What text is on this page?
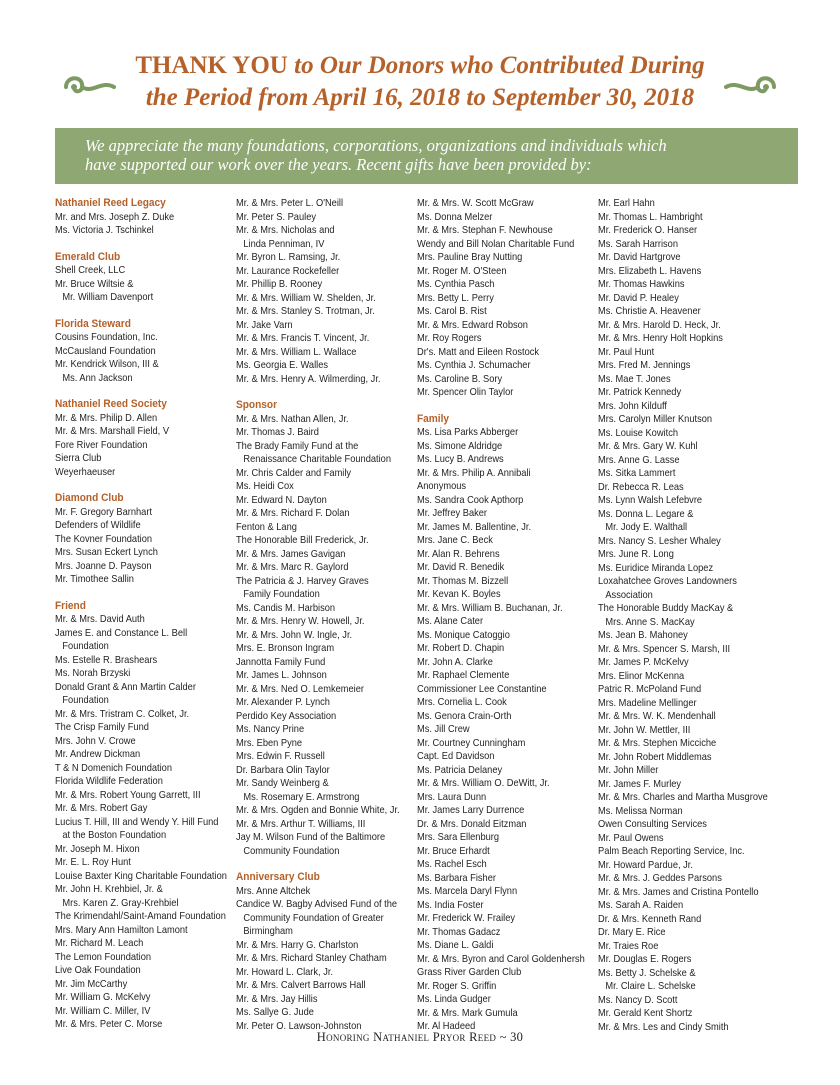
THANK YOU to Our Donors who Contributed During
the Period from April 16, 2018 to September 30, 2018
We appreciate the many foundations, corporations, organizations and individuals which
have supported our work over the years. Recent gifts have been provided by:
Nathaniel Reed Legacy
Mr. and Mrs. Joseph Z. Duke
Ms. Victoria J. Tschinkel
Emerald Club
Shell Creek, LLC
Mr. Bruce Wiltsie &
Mr. William Davenport
Florida Steward
Cousins Foundation, Inc.
McCausland Foundation
Mr. Kendrick Wilson, III &
Ms. Ann Jackson
Nathaniel Reed Society
Mr. & Mrs. Philip D. Allen
Mr. & Mrs. Marshall Field, V
Fore River Foundation
Sierra Club
Weyerhaeuser
Diamond Club
Mr. F. Gregory Barnhart
Defenders of Wildlife
The Kovner Foundation
Mrs. Susan Eckert Lynch
Mrs. Joanne D. Payson
Mr. Timothee Sallin
Friend
Mr. & Mrs. David Auth
James E. and Constance L. Bell
Foundation
Ms. Estelle R. Brashears
Ms. Norah Brzyski
Donald Grant & Ann Martin Calder
Foundation
Mr. & Mrs. Tristram C. Colket, Jr.
The Crisp Family Fund
Mrs. John V. Crowe
Mr. Andrew Dickman
T & N Domenich Foundation
Florida Wildlife Federation
Mr. & Mrs. Robert Young Garrett, III
Mr. & Mrs. Robert Gay
Lucius T. Hill, III and Wendy Y. Hill Fund
at the Boston Foundation
Mr. Joseph M. Hixon
Mr. E. L. Roy Hunt
Louise Baxter King Charitable Foundation
Mr. John H. Krehbiel, Jr. &
Mrs. Karen Z. Gray-Krehbiel
The Krimendahl/Saint-Amand Foundation
Mrs. Mary Ann Hamilton Lamont
Mr. Richard M. Leach
The Lemon Foundation
Live Oak Foundation
Mr. Jim McCarthy
Mr. William G. McKelvy
Mr. William C. Miller, IV
Mr. & Mrs. Peter C. Morse
Mr. & Mrs. Peter L. O'Neill
Mr. Peter S. Pauley
Mr. & Mrs. Nicholas and
Linda Penniman, IV
Mr. Byron L. Ramsing, Jr.
Mr. Laurance Rockefeller
Mr. Phillip B. Rooney
Mr. & Mrs. William W. Shelden, Jr.
Mr. & Mrs. Stanley S. Trotman, Jr.
Mr. Jake Varn
Mr. & Mrs. Francis T. Vincent, Jr.
Mr. & Mrs. William L. Wallace
Ms. Georgia E. Walles
Mr. & Mrs. Henry A. Wilmerding, Jr.
Sponsor
Mr. & Mrs. Nathan Allen, Jr.
Mr. Thomas J. Baird
The Brady Family Fund at the
Renaissance Charitable Foundation
Mr. Chris Calder and Family
Ms. Heidi Cox
Mr. Edward N. Dayton
Mr. & Mrs. Richard F. Dolan
Fenton & Lang
The Honorable Bill Frederick, Jr.
Mr. & Mrs. James Gavigan
Mr. & Mrs. Marc R. Gaylord
The Patricia & J. Harvey Graves
Family Foundation
Ms. Candis M. Harbison
Mr. & Mrs. Henry W. Howell, Jr.
Mr. & Mrs. John W. Ingle, Jr.
Mrs. E. Bronson Ingram
Jannotta Family Fund
Mr. James L. Johnson
Mr. & Mrs. Ned O. Lemkemeier
Mr. Alexander P. Lynch
Perdido Key Association
Ms. Nancy Prine
Mrs. Eben Pyne
Mrs. Edwin F. Russell
Dr. Barbara Olin Taylor
Mr. Sandy Weinberg &
Ms. Rosemary E. Armstrong
Mr. & Mrs. Ogden and Bonnie White, Jr.
Mr. & Mrs. Arthur T. Williams, III
Jay M. Wilson Fund of the Baltimore
Community Foundation
Anniversary Club
Mrs. Anne Altchek
Candice W. Bagby Advised Fund of the
Community Foundation of Greater
Birmingham
Mr. & Mrs. Harry G. Charlston
Mr. & Mrs. Richard Stanley Chatham
Mr. Howard L. Clark, Jr.
Mr. & Mrs. Calvert Barrows Hall
Mr. & Mrs. Jay Hillis
Ms. Sallye G. Jude
Mr. Peter O. Lawson-Johnston
Mr. & Mrs. W. Scott McGraw
Ms. Donna Melzer
Mr. & Mrs. Stephan F. Newhouse
Wendy and Bill Nolan Charitable Fund
Mrs. Pauline Bray Nutting
Mr. Roger M. O'Steen
Ms. Cynthia Pasch
Mrs. Betty L. Perry
Ms. Carol B. Rist
Mr. & Mrs. Edward Robson
Mr. Roy Rogers
Dr's. Matt and Eileen Rostock
Ms. Cynthia J. Schumacher
Ms. Caroline B. Sory
Mr. Spencer Olin Taylor
Family
Ms. Lisa Parks Abberger
Ms. Simone Aldridge
Ms. Lucy B. Andrews
Mr. & Mrs. Philip A. Annibali
Anonymous
Ms. Sandra Cook Apthorp
Mr. Jeffrey Baker
Mr. James M. Ballentine, Jr.
Mrs. Jane C. Beck
Mr. Alan R. Behrens
Mr. David R. Benedik
Mr. Thomas M. Bizzell
Mr. Kevan K. Boyles
Mr. & Mrs. William B. Buchanan, Jr.
Ms. Alane Cater
Ms. Monique Catoggio
Mr. Robert D. Chapin
Mr. John A. Clarke
Mr. Raphael Clemente
Commissioner Lee Constantine
Mrs. Cornelia L. Cook
Ms. Genora Crain-Orth
Ms. Jill Crew
Mr. Courtney Cunningham
Capt. Ed Davidson
Ms. Patricia Delaney
Mr. & Mrs. William O. DeWitt, Jr.
Mrs. Laura Dunn
Mr. James Larry Durrence
Dr. & Mrs. Donald Eitzman
Mrs. Sara Ellenburg
Mr. Bruce Erhardt
Ms. Rachel Esch
Ms. Barbara Fisher
Ms. Marcela Daryl Flynn
Ms. India Foster
Mr. Frederick W. Frailey
Mr. Thomas Gadacz
Ms. Diane L. Galdi
Mr. & Mrs. Byron and Carol Goldenhersh
Grass River Garden Club
Mr. Roger S. Griffin
Ms. Linda Gudger
Mr. & Mrs. Mark Gumula
Mr. Al Hadeed
Mr. Earl Hahn
Mr. Thomas L. Hambright
Mr. Frederick O. Hanser
Ms. Sarah Harrison
Mr. David Hartgrove
Mrs. Elizabeth L. Havens
Mr. Thomas Hawkins
Mr. David P. Healey
Ms. Christie A. Heavener
Mr. & Mrs. Harold D. Heck, Jr.
Mr. & Mrs. Henry Holt Hopkins
Mr. Paul Hunt
Mrs. Fred M. Jennings
Ms. Mae T. Jones
Mr. Patrick Kennedy
Mrs. John Kilduff
Mrs. Carolyn Miller Knutson
Ms. Louise Kowitch
Mr. & Mrs. Gary W. Kuhl
Mrs. Anne G. Lasse
Ms. Sitka Lammert
Dr. Rebecca R. Leas
Ms. Lynn Walsh Lefebvre
Ms. Donna L. Legare &
Mr. Jody E. Walthall
Mrs. Nancy S. Lesher Whaley
Mrs. June R. Long
Ms. Euridice Miranda Lopez
Loxahatchee Groves Landowners
Association
The Honorable Buddy MacKay &
Mrs. Anne S. MacKay
Ms. Jean B. Mahoney
Mr. & Mrs. Spencer S. Marsh, III
Mr. James P. McKelvy
Mrs. Elinor McKenna
Patric R. McPoland Fund
Mrs. Madeline Mellinger
Mr. & Mrs. W. K. Mendenhall
Mr. John W. Mettler, III
Mr. & Mrs. Stephen Micciche
Mr. John Robert Middlemas
Mr. John Miller
Mr. James F. Murley
Mr. & Mrs. Charles and Martha Musgrove
Ms. Melissa Norman
Owen Consulting Services
Mr. Paul Owens
Palm Beach Reporting Service, Inc.
Mr. Howard Pardue, Jr.
Mr. & Mrs. J. Geddes Parsons
Mr. & Mrs. James and Cristina Pontello
Ms. Sarah A. Raiden
Dr. & Mrs. Kenneth Rand
Dr. Mary E. Rice
Mr. Traies Roe
Mr. Douglas E. Rogers
Ms. Betty J. Schelske &
Mr. Claire L. Schelske
Ms. Nancy D. Scott
Mr. Gerald Kent Shortz
Mr. & Mrs. Les and Cindy Smith
Honoring Nathaniel Pryor Reed ~ 30
